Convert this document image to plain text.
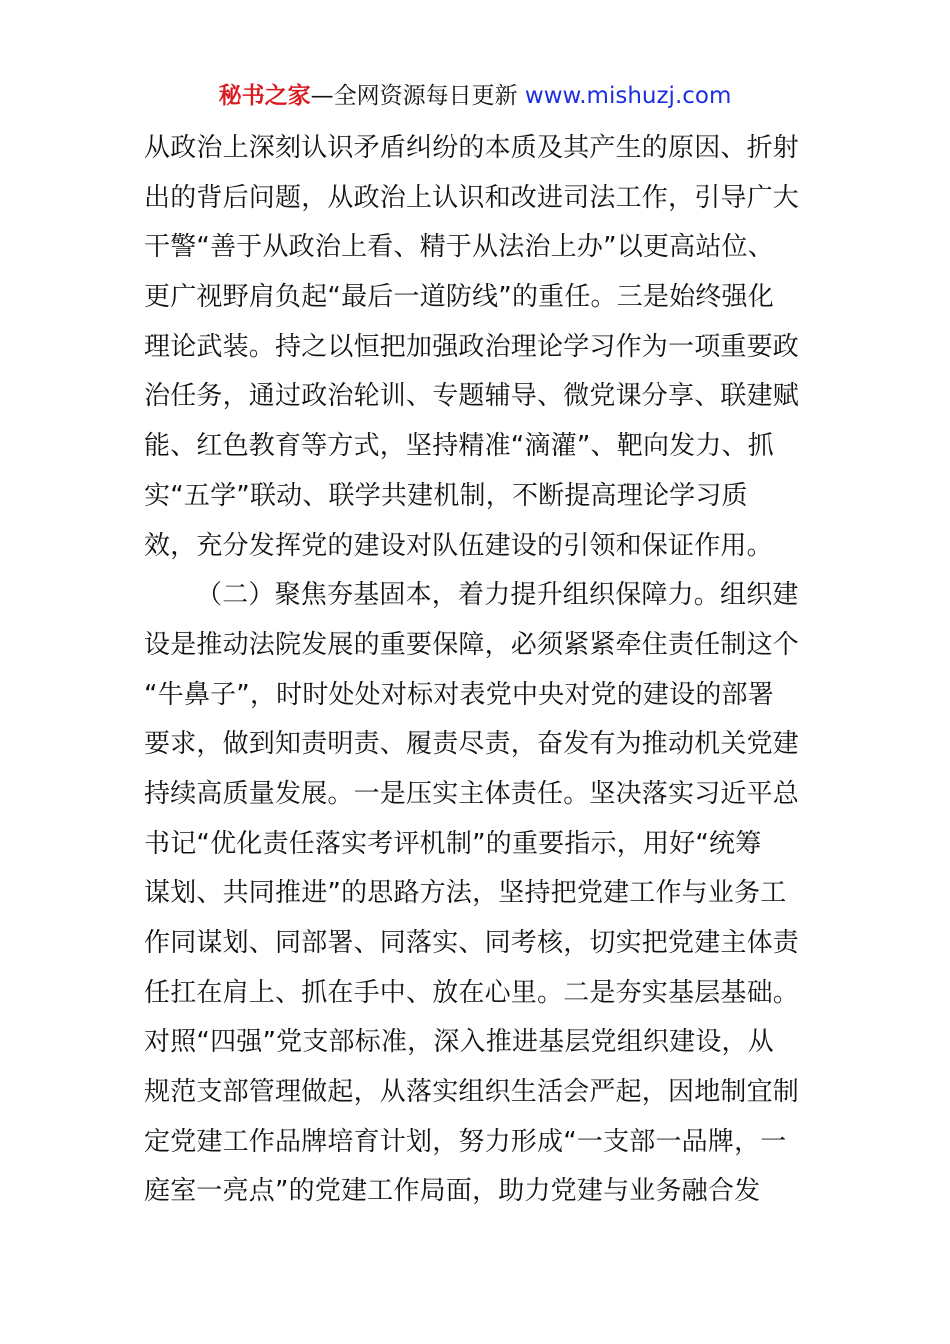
秘书之家—全网资源每日更新 www.mishuzj.com
从政治上深刻认识矛盾纠纷的本质及其产生的原因、折射
出的背后问题，从政治上认识和改进司法工作，引导广大
干警“善于从政治上看、精于从法治上办”以更高站位、
更广视野肩负起“最后一道防线”的重任。三是始终强化
理论武装。持之以恒把加强政治理论学习作为一项重要政
治任务，通过政治轮训、专题辅导、微党课分享、联建赋
能、红色教育等方式，坚持精准“滴灌”、靶向发力、抓
实“五学”联动、联学共建机制，不断提高理论学习质
效，充分发挥党的建设对队伍建设的引领和保证作用。
（二）聚焦夯基固本，着力提升组织保障力。组织建
设是推动法院发展的重要保障，必须紧紧牵住责任制这个
“牛鼻子”，时时处处对标对表党中央对党的建设的部署
要求，做到知责明责、履责尽责，奋发有为推动机关党建
持续高质量发展。一是压实主体责任。坚决落实习近平总
书记“优化责任落实考评机制”的重要指示，用好“统筹
谋划、共同推进”的思路方法，坚持把党建工作与业务工
作同谋划、同部署、同落实、同考核，切实把党建主体责
任扛在肩上、抓在手中、放在心里。二是夯实基层基础。
对照“四强”党支部标准，深入推进基层党组织建设，从
规范支部管理做起，从落实组织生活会严起，因地制宜制
定党建工作品牌培育计划，努力形成“一支部一品牌，一
庭室一亮点”的党建工作局面，助力党建与业务融合发
